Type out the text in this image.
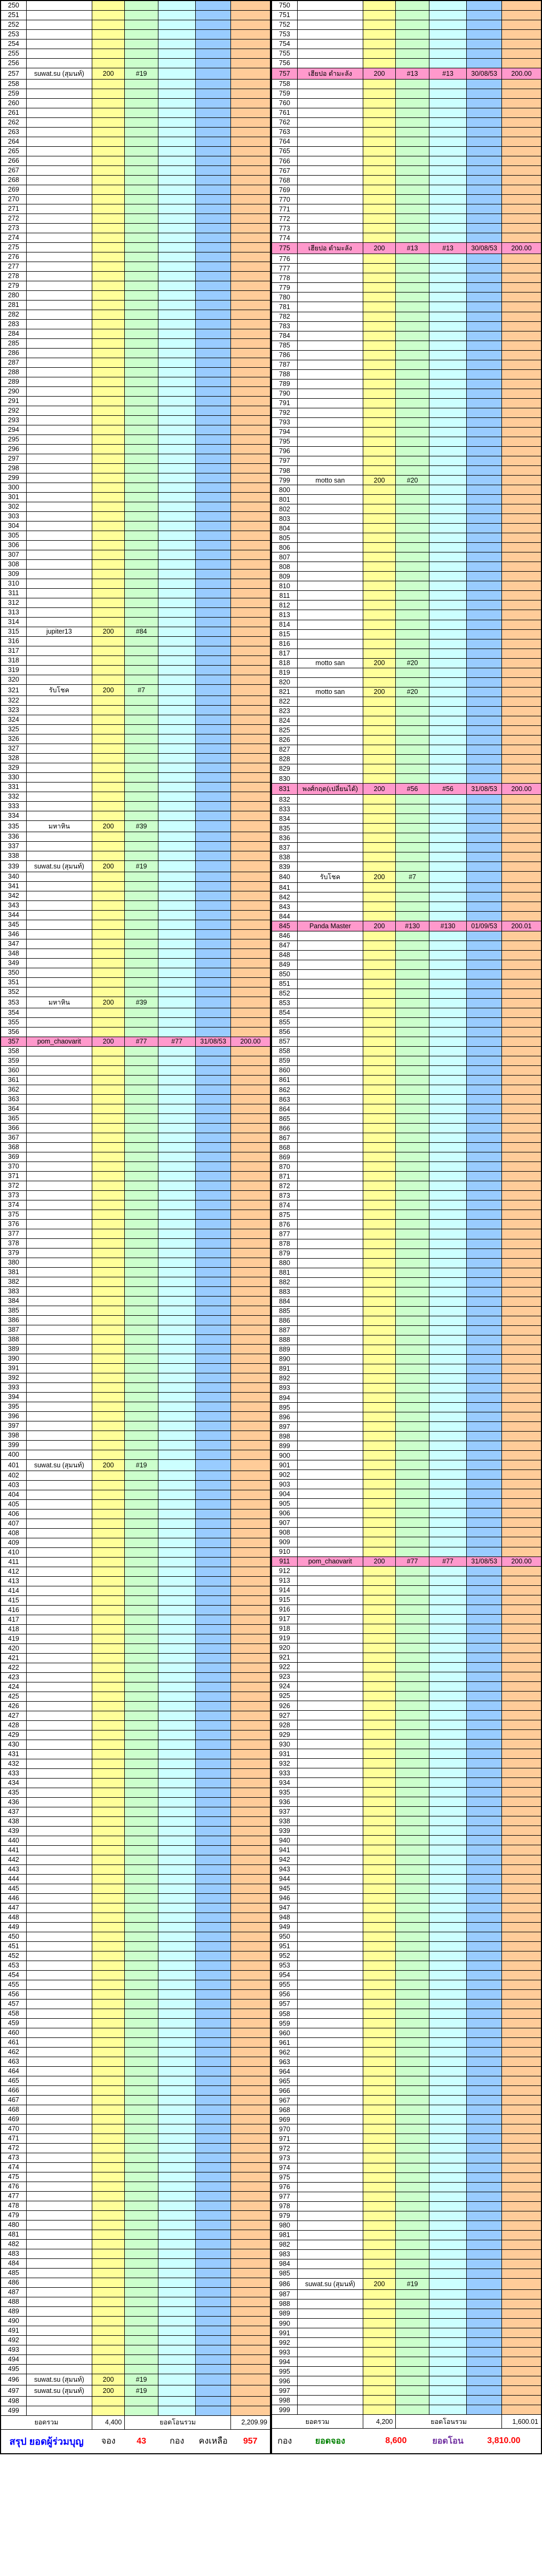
250						
251						
252						
253						
254						
255						
256						
257	suwat.su (สุมนท์)	200	#19			
258						
259						
260						
261						
262						
263						
264						
265						
266						
267						
268						
269						
270						
271						
272						
273						
274						
275						
276						
277						
278						
279						
280						
281						
282						
283						
284						
285						
286						
287						
288						
289						
290						
291						
292						
293						
294						
295						
296						
297						
298						
299						
300						
301						
302						
303						
304						
305						
306						
307						
308						
309						
310						
311						
312						
313						
314						
315	jupiter13	200	#84			
316						
317						
318						
319						
320						
321	รับโชค	200	#7			
322						
323						
324						
325						
326						
327						
328						
329						
330						
331						
332						
333						
334						
335	มหาหิน	200	#39			
336						
337						
338						
339	suwat.su (สุมนท์)	200	#19			
340						
341						
342						
343						
344						
345						
346						
347						
348						
349						
350						
351						
352						
353	มหาหิน	200	#39			
354						
355						
356						
357	pom_chaovarit	200	#77	#77	31/08/53	200.00
358						
359						
360						
361						
362						
363						
364						
365						
366						
367						
368						
369						
370						
371						
372						
373						
374						
375						
376						
377						
378						
379						
380						
381						
382						
383						
384						
385						
386						
387						
388						
389						
390						
391						
392						
393						
394						
395						
396						
397						
398						
399						
400						
401	suwat.su (สุมนท์)	200	#19			
402						
403						
404						
405						
406						
407						
408						
409						
410						
411						
412						
413						
414						
415						
416						
417						
418						
419						
420						
421						
422						
423						
424						
425						
426						
427						
428						
429						
430						
431						
432						
433						
434						
435						
436						
437						
438						
439						
440						
441						
442						
443						
444						
445						
446						
447						
448						
449						
450						
451						
452						
453						
454						
455						
456						
457						
458						
459						
460						
461						
462						
463						
464						
465						
466						
467						
468						
469						
470						
471						
472						
473						
474						
475						
476						
477						
478						
479						
480						
481						
482						
483						
484						
485						
486						
487						
488						
489						
490						
491						
492						
493						
494						
495						
496	suwat.su (สุมนท์)	200	#19			
497	suwat.su (สุมนท์)	200	#19			
498						
499						
ยอดรวม		4,400	ยอดโอนรวม			2,209.99
สรุป ยอดผู้ร่วมบุญ		จอง	43	กอง	คงเหลือ	957
750						
751						
752						
753						
754						
755						
756						
757	เฮียปอ ตำมะลัง	200	#13	#13	30/08/53	200.00
758						
759						
760						
761						
762						
763						
764						
765						
766						
767						
768						
769						
770						
771						
772						
773						
774						
775	เฮียปอ ตำมะลัง	200	#13	#13	30/08/53	200.00
776						
777						
778						
779						
780						
781						
782						
783						
784						
785						
786						
787						
788						
789						
790						
791						
792						
793						
794						
795						
796						
797						
798						
799	motto san	200	#20			
800						
801						
802						
803						
804						
805						
806						
807						
808						
809						
810						
811						
812						
813						
814						
815						
816						
817						
818	motto san	200	#20			
819						
820						
821	motto san	200	#20			
822						
823						
824						
825						
826						
827						
828						
829						
830						
831	พงศ์กฤต(เปลี่ยนได้)	200	#56	#56	31/08/53	200.00
832						
833						
834						
835						
836						
837						
838						
839						
840	รับโชค	200	#7			
841						
842						
843						
844						
845	Panda Master	200	#130	#130	01/09/53	200.01
846						
847						
848						
849						
850						
851						
852						
853						
854						
855						
856						
857						
858						
859						
860						
861						
862						
863						
864						
865						
866						
867						
868						
869						
870						
871						
872						
873						
874						
875						
876						
877						
878						
879						
880						
881						
882						
883						
884						
885						
886						
887						
888						
889						
890						
891						
892						
893						
894						
895						
896						
897						
898						
899						
900						
901						
902						
903						
904						
905						
906						
907						
908						
909						
910						
911	pom_chaovarit	200	#77	#77	31/08/53	200.00
912						
913						
914						
915						
916						
917						
918						
919						
920						
921						
922						
923						
924						
925						
926						
927						
928						
929						
930						
931						
932						
933						
934						
935						
936						
937						
938						
939						
940						
941						
942						
943						
944						
945						
946						
947						
948						
949						
950						
951						
952						
953						
954						
955						
956						
957						
958						
959						
960						
961						
962						
963						
964						
965						
966						
967						
968						
969						
970						
971						
972						
973						
974						
975						
976						
977						
978						
979						
980						
981						
982						
983						
984						
985						
986	suwat.su (สุมนท์)	200	#19			
987						
988						
989						
990						
991						
992						
993						
994						
995						
996						
997						
998						
999						
ยอดรวม		4,200	ยอดโอนรวม			1,600.01
กอง	ยอดจอง	8,600		ยอดโอน	3,810.00	
